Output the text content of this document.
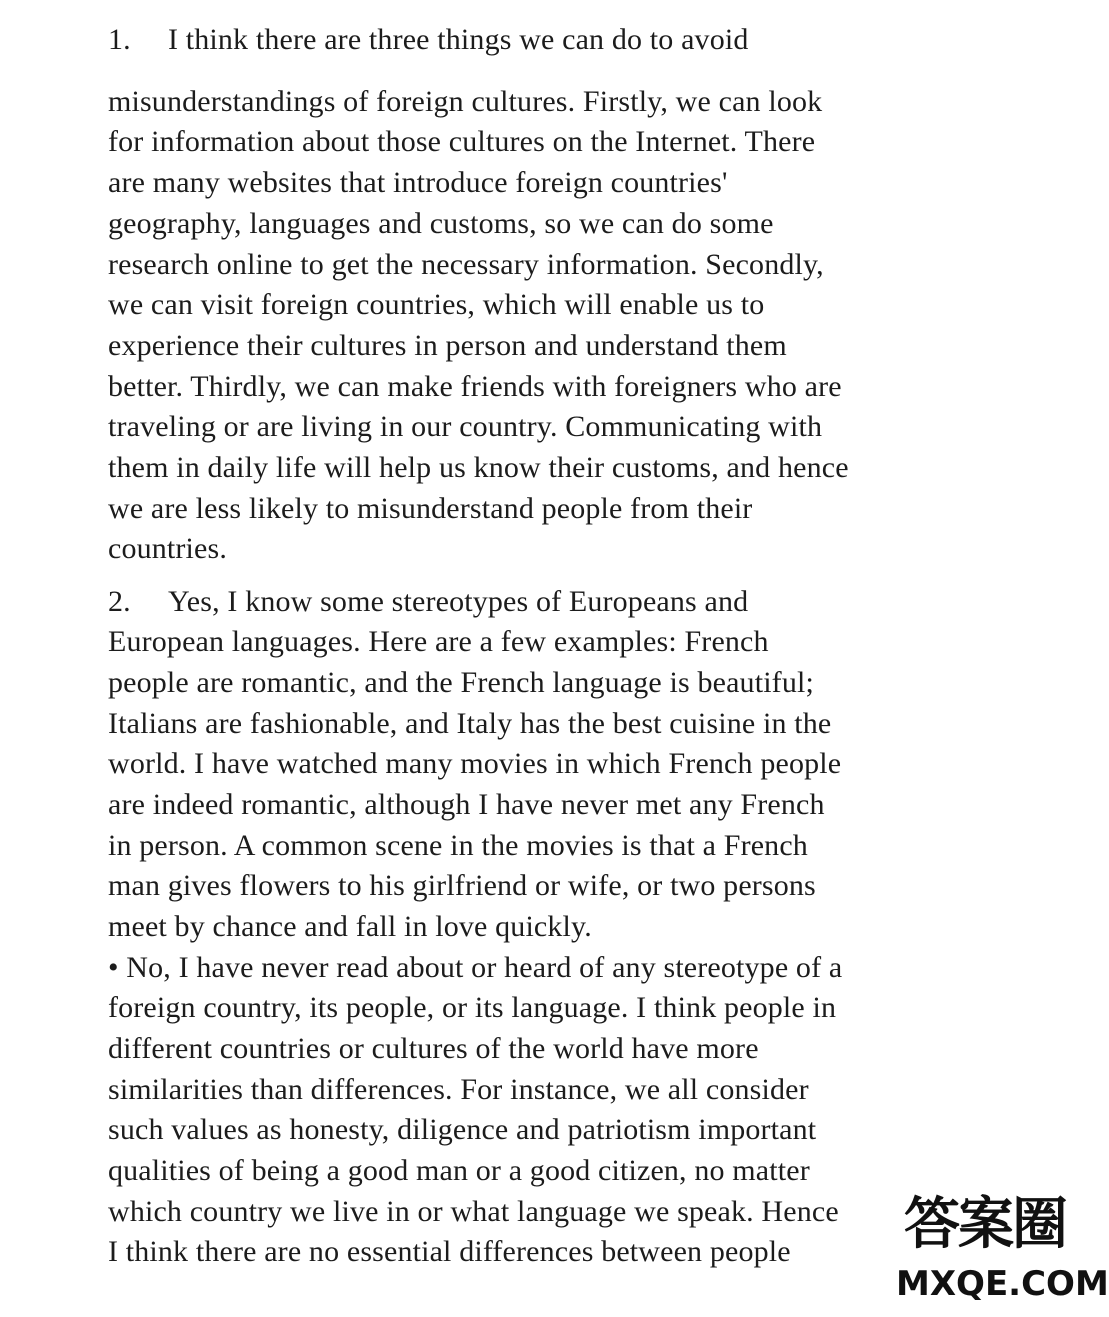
1. I think there are three things we can do to avoid
misunderstandings of foreign cultures. Firstly, we can look
for information about those cultures on the Internet. There
are many websites that introduce foreign countries'
geography, languages and customs, so we can do some
research online to get the necessary information. Secondly,
we can visit foreign countries, which will enable us to
experience their cultures in person and understand them
better. Thirdly, we can make friends with foreigners who are
traveling or are living in our country. Communicating with
them in daily life will help us know their customs, and hence
we are less likely to misunderstand people from their
countries.
2. Yes, I know some stereotypes of Europeans and
European languages. Here are a few examples: French
people are romantic, and the French language is beautiful;
Italians are fashionable, and Italy has the best cuisine in the
world. I have watched many movies in which French people
are indeed romantic, although I have never met any French
in person. A common scene in the movies is that a French
man gives flowers to his girlfriend or wife, or two persons
meet by chance and fall in love quickly.
• No, I have never read about or heard of any stereotype of a
foreign country, its people, or its language. I think people in
different countries or cultures of the world have more
similarities than differences. For instance, we all consider
such values as honesty, diligence and patriotism important
qualities of being a good man or a good citizen, no matter
which country we live in or what language we speak. Hence
I think there are no essential differences between people 答案圈
MXQE.COM
